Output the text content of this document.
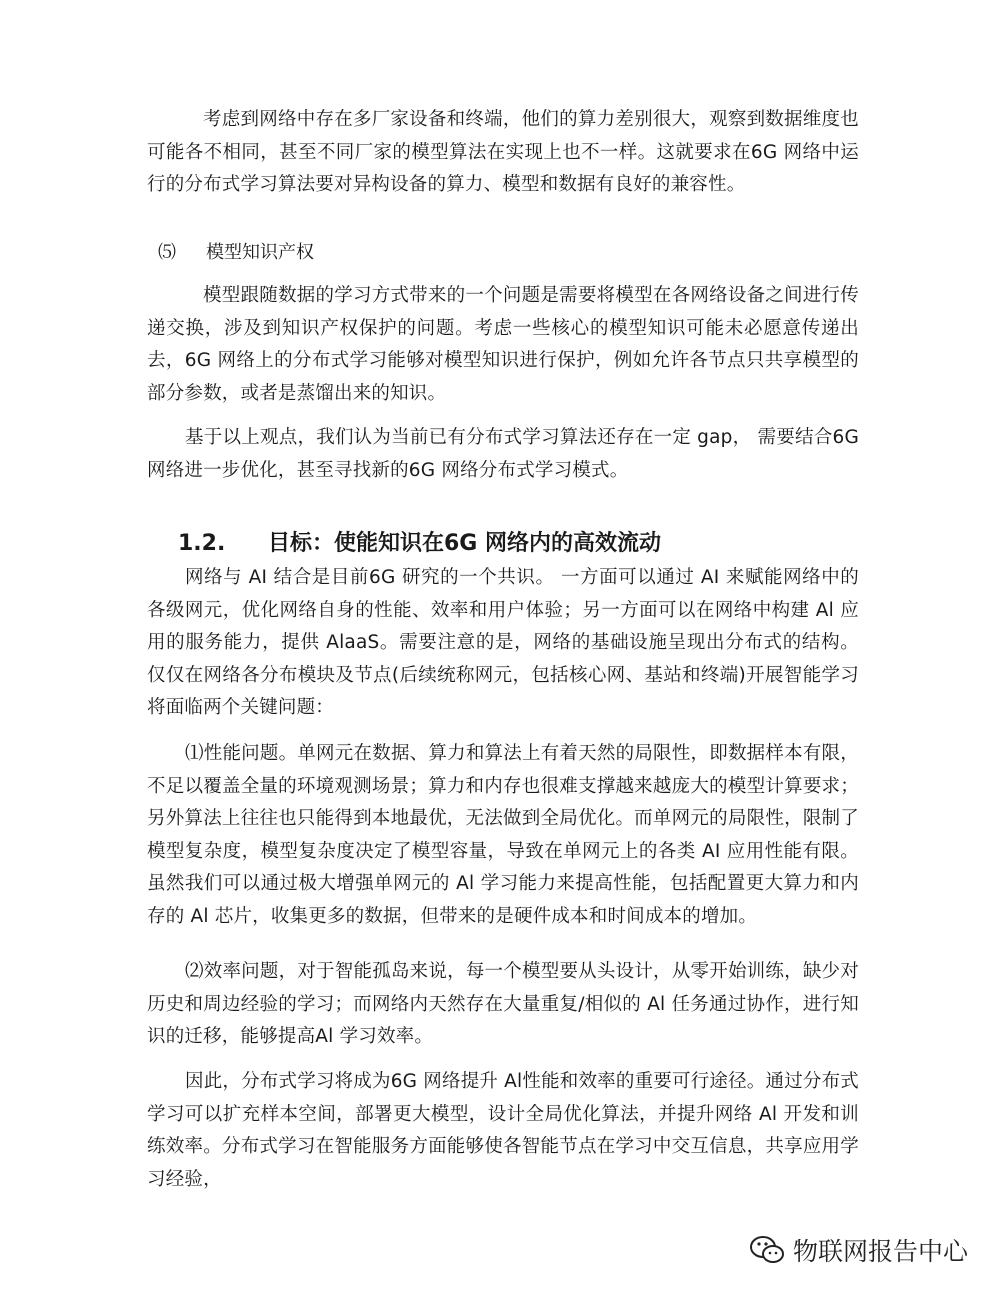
考虑到网络中存在多厂家设备和终端，他们的算力差别很大，观察到数据维度也可能各不相同，甚至不同厂家的模型算法在实现上也不一样。这就要求在6G 网络中运行的分布式学习算法要对异构设备的算力、模型和数据有良好的兼容性。

⑸ 模型知识产权

模型跟随数据的学习方式带来的一个问题是需要将模型在各网络设备之间进行传递交换，涉及到知识产权保护的问题。考虑一些核心的模型知识可能未必愿意传递出去，6G 网络上的分布式学习能够对模型知识进行保护，例如允许各节点只共享模型的部分参数，或者是蒸馏出来的知识。

基于以上观点，我们认为当前已有分布式学习算法还存在一定 gap， 需要结合6G 网络进一步优化，甚至寻找新的6G 网络分布式学习模式。

1.2. 目标：使能知识在6G 网络内的高效流动

网络与 AI 结合是目前6G 研究的一个共识。 一方面可以通过 AI 来赋能网络中的各级网元，优化网络自身的性能、效率和用户体验；另一方面可以在网络中构建 Al 应用的服务能力，提供 AlaaS。需要注意的是，网络的基础设施呈现出分布式的结构。仅仅在网络各分布模块及节点(后续统称网元，包括核心网、基站和终端)开展智能学习将面临两个关键问题：

⑴性能问题。单网元在数据、算力和算法上有着天然的局限性，即数据样本有限，不足以覆盖全量的环境观测场景；算力和内存也很难支撑越来越庞大的模型计算要求；另外算法上往往也只能得到本地最优，无法做到全局优化。而单网元的局限性，限制了模型复杂度，模型复杂度决定了模型容量，导致在单网元上的各类 AI 应用性能有限。虽然我们可以通过极大增强单网元的 Al 学习能力来提高性能，包括配置更大算力和内存的 Al 芯片，收集更多的数据，但带来的是硬件成本和时间成本的增加。

⑵效率问题，对于智能孤岛来说，每一个模型要从头设计，从零开始训练，缺少对历史和周边经验的学习；而网络内天然存在大量重复/相似的 Al 任务通过协作，进行知识的迁移，能够提高Al 学习效率。

因此，分布式学习将成为6G 网络提升 Al性能和效率的重要可行途径。通过分布式学习可以扩充样本空间，部署更大模型，设计全局优化算法，并提升网络 Al 开发和训练效率。分布式学习在智能服务方面能够使各智能节点在学习中交互信息，共享应用学习经验，

物联网报告中心
